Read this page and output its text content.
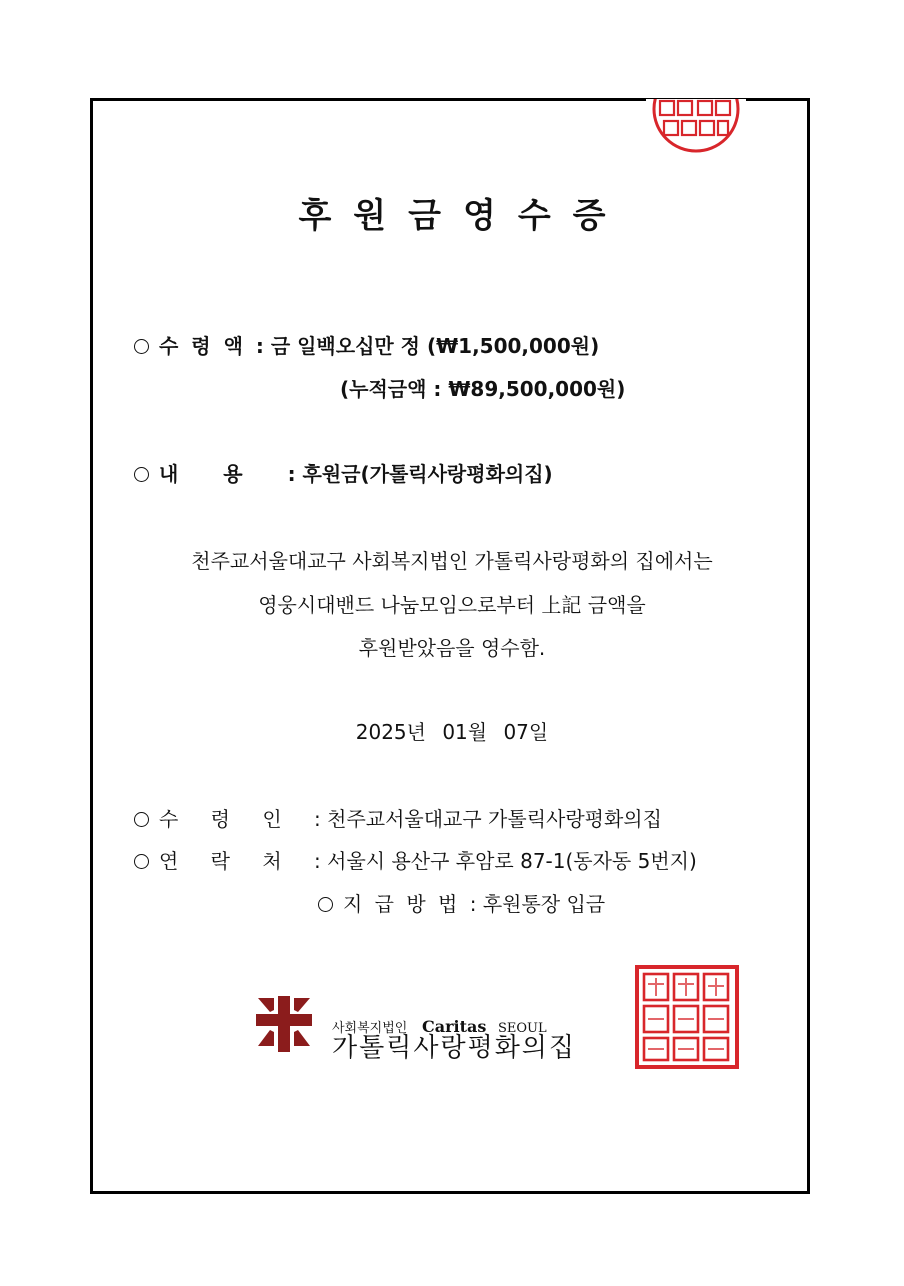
후원금영수증
수 령 액 : 금 일백오십만 정 (₩1,500,000원)
(누적금액 : ₩89,500,000원)
내 용 : 후원금(가톨릭사랑평화의집)
천주교서울대교구 사회복지법인 가톨릭사랑평화의 집에서는
영웅시대밴드 나눔모임으로부터 上記 금액을
후원받았음을 영수함.
2025년 01월 07일
수 령 인 : 천주교서울대교구 가톨릭사랑평화의집
연 락 처 : 서울시 용산구 후암로 87-1(동자동 5번지)
지 급 방 법 : 후원통장 입금
사회복지법인 Caritas SEOUL
가톨릭사랑평화의집
